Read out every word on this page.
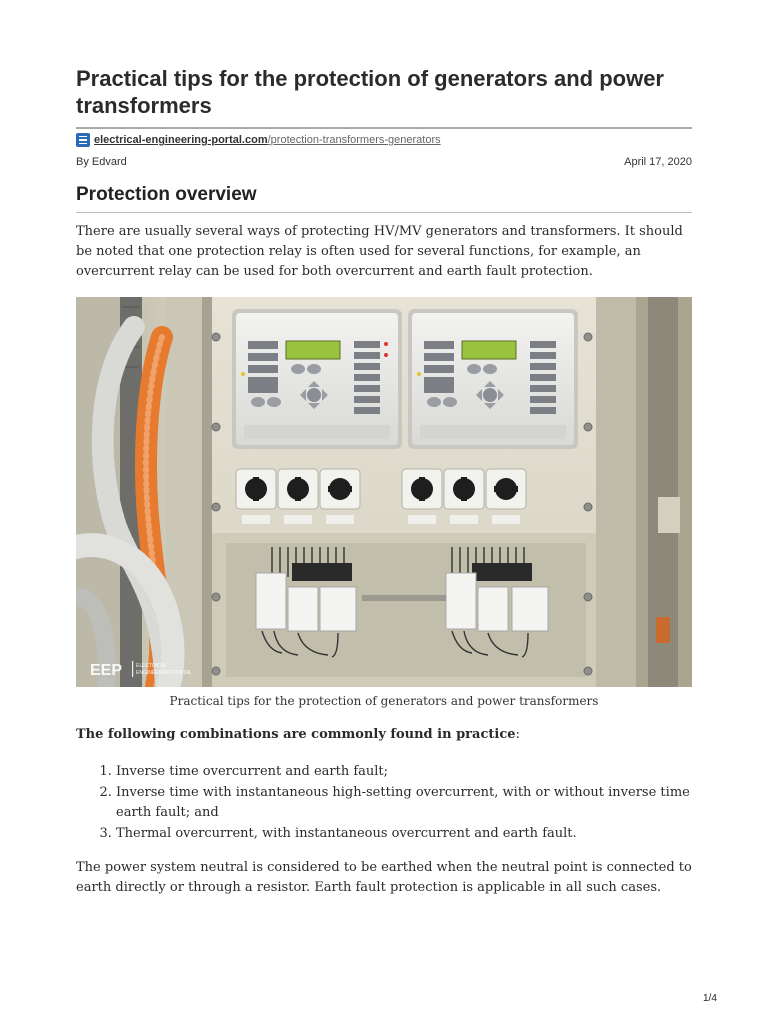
Practical tips for the protection of generators and power transformers
electrical-engineering-portal.com /protection-transformers-generators
By Edvard	April 17, 2020
Protection overview

There are usually several ways of protecting HV/MV generators and transformers. It should be noted that one protection relay is often used for several functions, for example, an overcurrent relay can be used for both overcurrent and earth fault protection.

EEP	ELECTRICAL
ENGINEERING PORTAL
Practical tips for the protection of generators and power transformers

The following combinations are commonly found in practice:

1. Inverse time overcurrent and earth fault;
2. Inverse time with instantaneous high-setting overcurrent, with or without inverse time earth fault; and
3. Thermal overcurrent, with instantaneous overcurrent and earth fault.

The power system neutral is considered to be earthed when the neutral point is connected to earth directly or through a resistor. Earth fault protection is applicable in all such cases.

1/4
